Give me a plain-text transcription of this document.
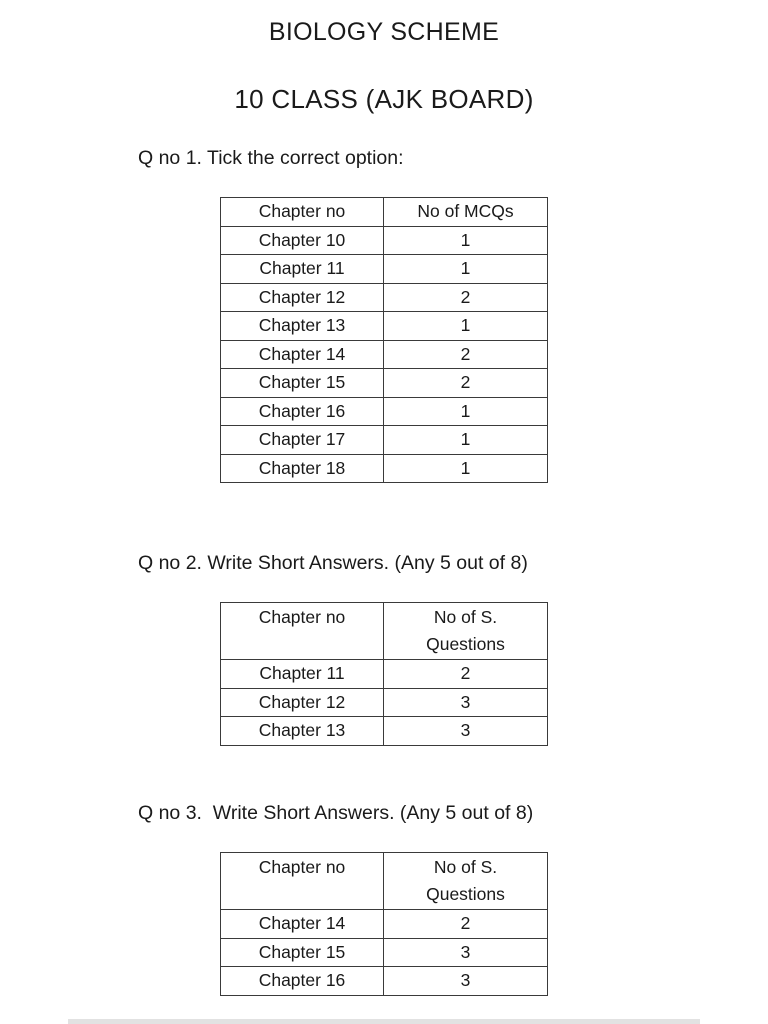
BIOLOGY SCHEME
10 CLASS (AJK BOARD)
Q no 1. Tick the correct option:
Chapter no	No of MCQs
Chapter 10	1
Chapter 11	1
Chapter 12	2
Chapter 13	1
Chapter 14	2
Chapter 15	2
Chapter 16	1
Chapter 17	1
Chapter 18	1
Q no 2. Write Short Answers. (Any 5 out of 8)
Chapter no	No of S.
Questions
Chapter 11	2
Chapter 12	3
Chapter 13	3
Q no 3.  Write Short Answers. (Any 5 out of 8)
Chapter no	No of S.
Questions
Chapter 14	2
Chapter 15	3
Chapter 16	3
